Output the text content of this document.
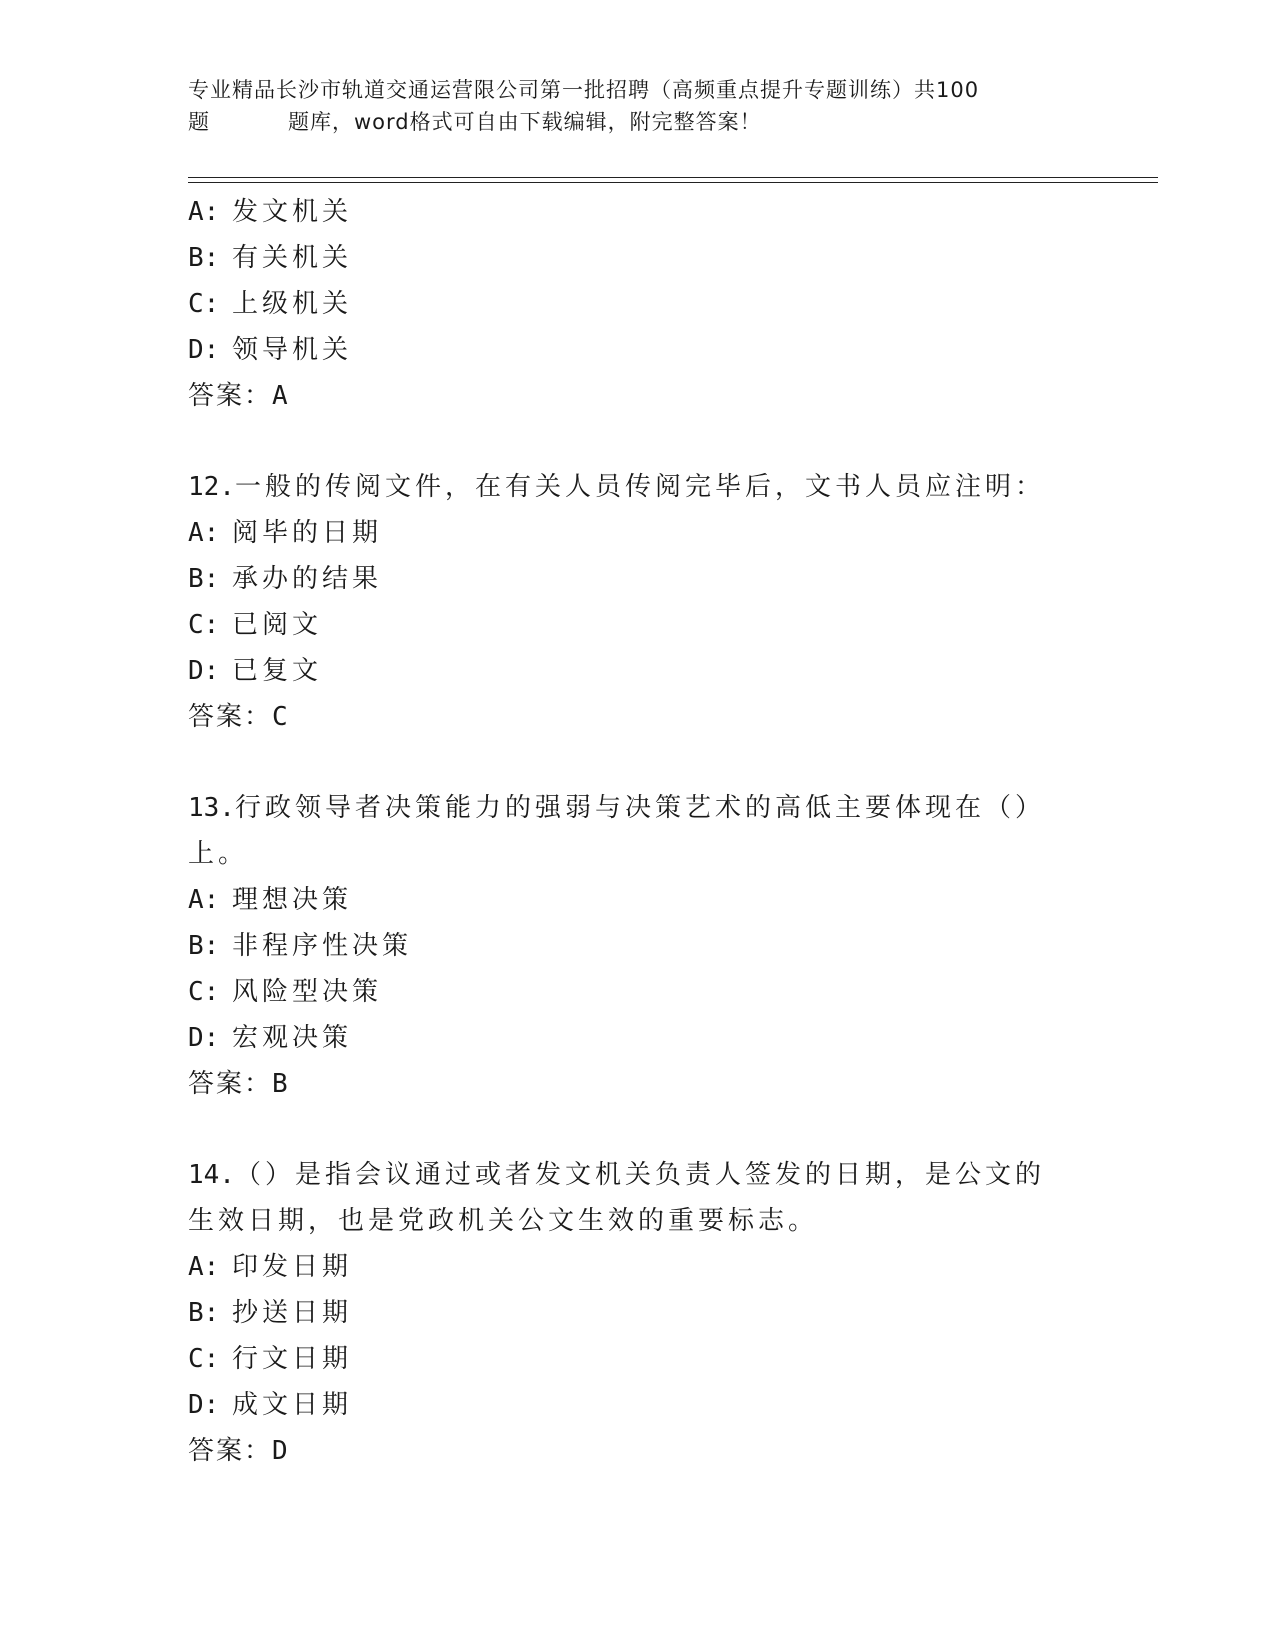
专业精品长沙市轨道交通运营限公司第一批招聘（高频重点提升专题训练）共100
题	题库，word格式可自由下载编辑，附完整答案！
A: 发文机关
B: 有关机关
C: 上级机关
D: 领导机关
答案：A
12.一般的传阅文件，在有关人员传阅完毕后，文书人员应注明：
A: 阅毕的日期
B: 承办的结果
C: 已阅文
D: 已复文
答案：C
13.行政领导者决策能力的强弱与决策艺术的高低主要体现在（）上。
A: 理想决策
B: 非程序性决策
C: 风险型决策
D: 宏观决策
答案：B
14.（）是指会议通过或者发文机关负责人签发的日期，是公文的生效日期，也是党政机关公文生效的重要标志。
A: 印发日期
B: 抄送日期
C: 行文日期
D: 成文日期
答案：D
